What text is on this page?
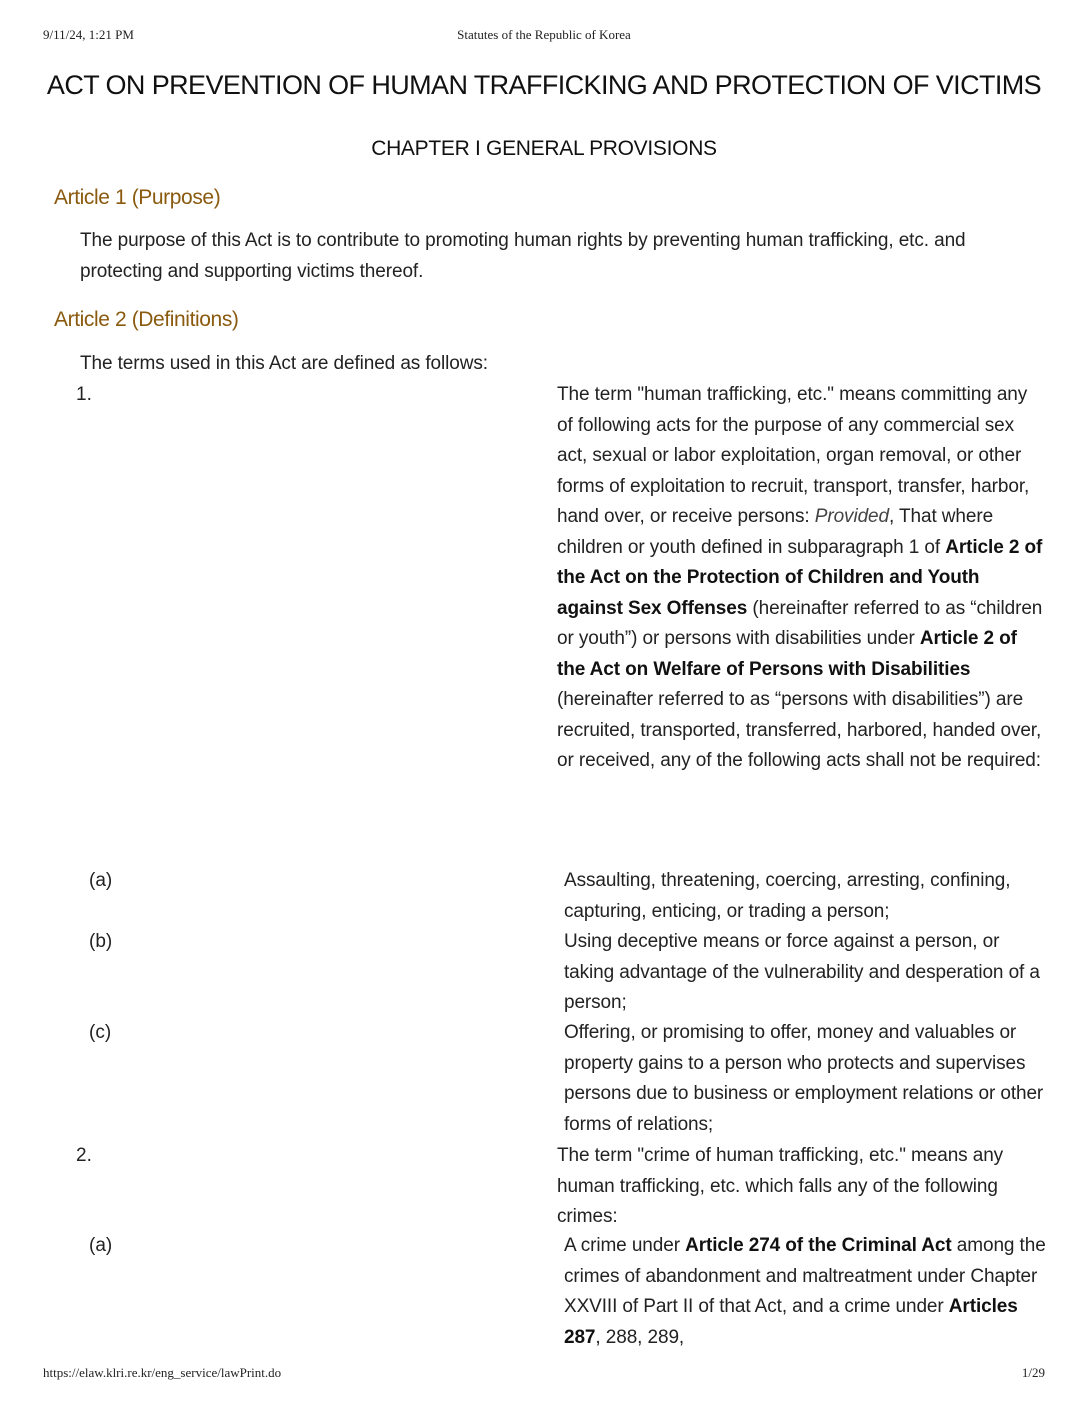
9/11/24, 1:21 PM	Statutes of the Republic of Korea
ACT ON PREVENTION OF HUMAN TRAFFICKING AND PROTECTION OF VICTIMS
CHAPTER I GENERAL PROVISIONS
Article 1 (Purpose)

The purpose of this Act is to contribute to promoting human rights by preventing human trafficking, etc. and protecting and supporting victims thereof.

Article 2 (Definitions)

The terms used in this Act are defined as follows:

1.	The term "human trafficking, etc." means committing any of following acts for the purpose of any commercial sex act, sexual or labor exploitation, organ removal, or other forms of exploitation to recruit, transport, transfer, harbor, hand over, or receive persons: Provided, That where children or youth defined in subparagraph 1 of Article 2 of the Act on the Protection of Children and Youth against Sex Offenses (hereinafter referred to as “children or youth”) or persons with disabilities under Article 2 of the Act on Welfare of Persons with Disabilities (hereinafter referred to as “persons with disabilities”) are recruited, transported, transferred, harbored, handed over, or received, any of the following acts shall not be required:
(a)	Assaulting, threatening, coercing, arresting, confining, capturing, enticing, or trading a person;
(b)	Using deceptive means or force against a person, or taking advantage of the vulnerability and desperation of a person;
(c)	Offering, or promising to offer, money and valuables or property gains to a person who protects and supervises persons due to business or employment relations or other forms of relations;
2.	The term "crime of human trafficking, etc." means any human trafficking, etc. which falls any of the following crimes:
(a)	A crime under Article 274 of the Criminal Act among the crimes of abandonment and maltreatment under Chapter XXVIII of Part II of that Act, and a crime under Articles 287, 288, 289,
https://elaw.klri.re.kr/eng_service/lawPrint.do	1/29
